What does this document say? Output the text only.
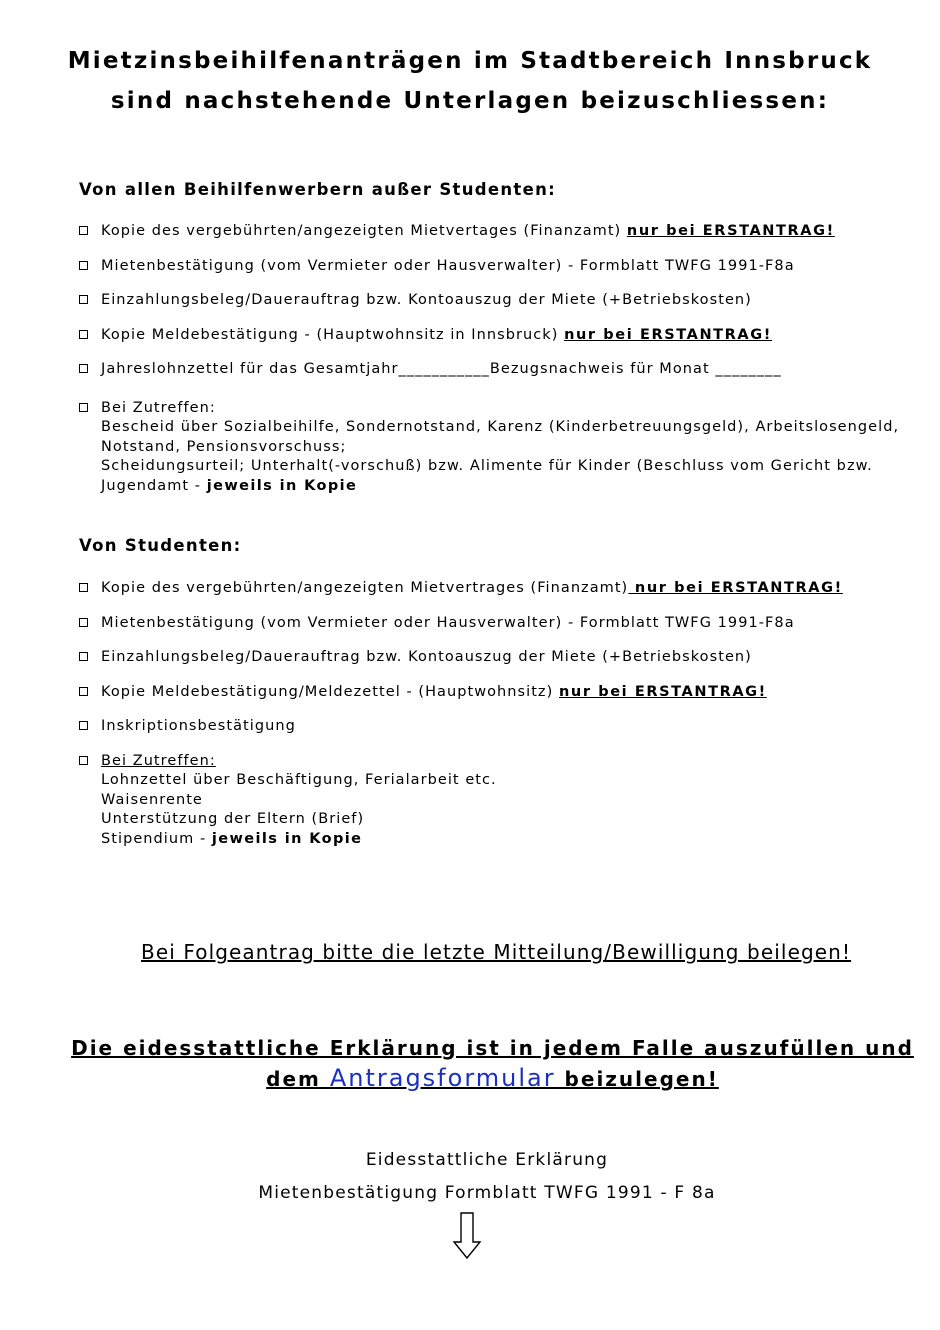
Mietzinsbeihilfenanträgen im Stadtbereich Innsbruck
sind nachstehende Unterlagen beizuschliessen:
Von allen Beihilfenwerbern außer Studenten:
Kopie des vergebührten/angezeigten Mietvertages (Finanzamt) nur bei ERSTANTRAG!
Mietenbestätigung (vom Vermieter oder Hausverwalter) - Formblatt TWFG 1991-F8a
Einzahlungsbeleg/Dauerauftrag bzw. Kontoauszug der Miete (+Betriebskosten)
Kopie Meldebestätigung - (Hauptwohnsitz in Innsbruck) nur bei ERSTANTRAG!
Jahreslohnzettel für das Gesamtjahr___________Bezugsnachweis für Monat ________
Bei Zutreffen:
Bescheid über Sozialbeihilfe, Sondernotstand, Karenz (Kinderbetreuungsgeld), Arbeitslosengeld,
Notstand, Pensionsvorschuss;
Scheidungsurteil; Unterhalt(-vorschuß) bzw. Alimente für Kinder (Beschluss vom Gericht bzw.
Jugendamt - jeweils in Kopie
Von Studenten:
Kopie des vergebührten/angezeigten Mietvertrages (Finanzamt) nur bei ERSTANTRAG!
Mietenbestätigung (vom Vermieter oder Hausverwalter) - Formblatt TWFG 1991-F8a
Einzahlungsbeleg/Dauerauftrag bzw. Kontoauszug der Miete (+Betriebskosten)
Kopie Meldebestätigung/Meldezettel - (Hauptwohnsitz) nur bei ERSTANTRAG!
Inskriptionsbestätigung
Bei Zutreffen:
Lohnzettel über Beschäftigung, Ferialarbeit etc.
Waisenrente
Unterstützung der Eltern (Brief)
Stipendium - jeweils in Kopie
Bei Folgeantrag bitte die letzte Mitteilung/Bewilligung beilegen!
Die eidesstattliche Erklärung ist in jedem Falle auszufüllen und
dem Antragsformular beizulegen!
Eidesstattliche Erklärung
Mietenbestätigung Formblatt TWFG 1991 - F 8a
